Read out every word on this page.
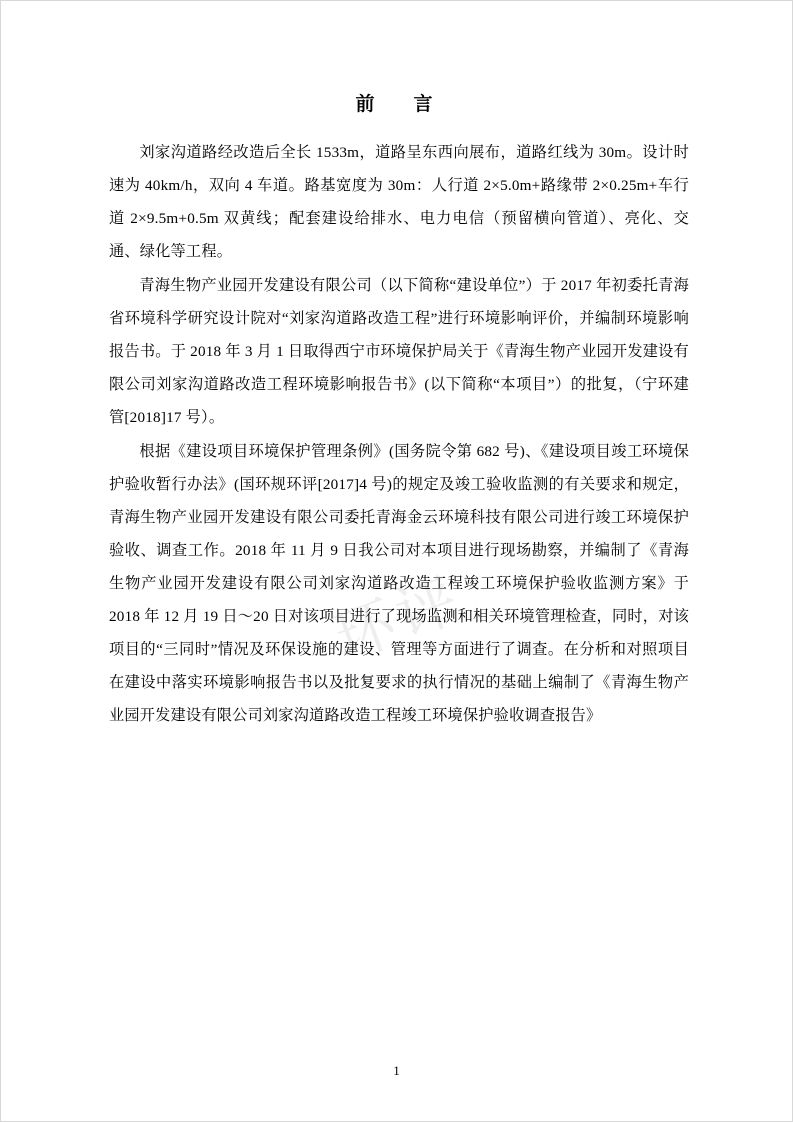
环评
前　言

刘家沟道路经改造后全长 1533m，道路呈东西向展布，道路红线为 30m。设计时速为 40km/h，双向 4 车道。路基宽度为 30m：人行道 2×5.0m+路缘带 2×0.25m+车行道 2×9.5m+0.5m 双黄线；配套建设给排水、电力电信（预留横向管道）、亮化、交通、绿化等工程。

青海生物产业园开发建设有限公司（以下简称“建设单位”）于 2017 年初委托青海省环境科学研究设计院对“刘家沟道路改造工程”进行环境影响评价，并编制环境影响报告书。于 2018 年 3 月 1 日取得西宁市环境保护局关于《青海生物产业园开发建设有限公司刘家沟道路改造工程环境影响报告书》(以下简称“本项目”）的批复，（宁环建管[2018]17 号）。

根据《建设项目环境保护管理条例》(国务院令第 682 号)、《建设项目竣工环境保护验收暂行办法》(国环规环评[2017]4 号)的规定及竣工验收监测的有关要求和规定，青海生物产业园开发建设有限公司委托青海金云环境科技有限公司进行竣工环境保护验收、调查工作。2018 年 11 月 9 日我公司对本项目进行现场勘察，并编制了《青海生物产业园开发建设有限公司刘家沟道路改造工程竣工环境保护验收监测方案》于 2018 年 12 月 19 日～20 日对该项目进行了现场监测和相关环境管理检查，同时，对该项目的“三同时”情况及环保设施的建设、管理等方面进行了调查。在分析和对照项目在建设中落实环境影响报告书以及批复要求的执行情况的基础上编制了《青海生物产业园开发建设有限公司刘家沟道路改造工程竣工环境保护验收调查报告》

1
